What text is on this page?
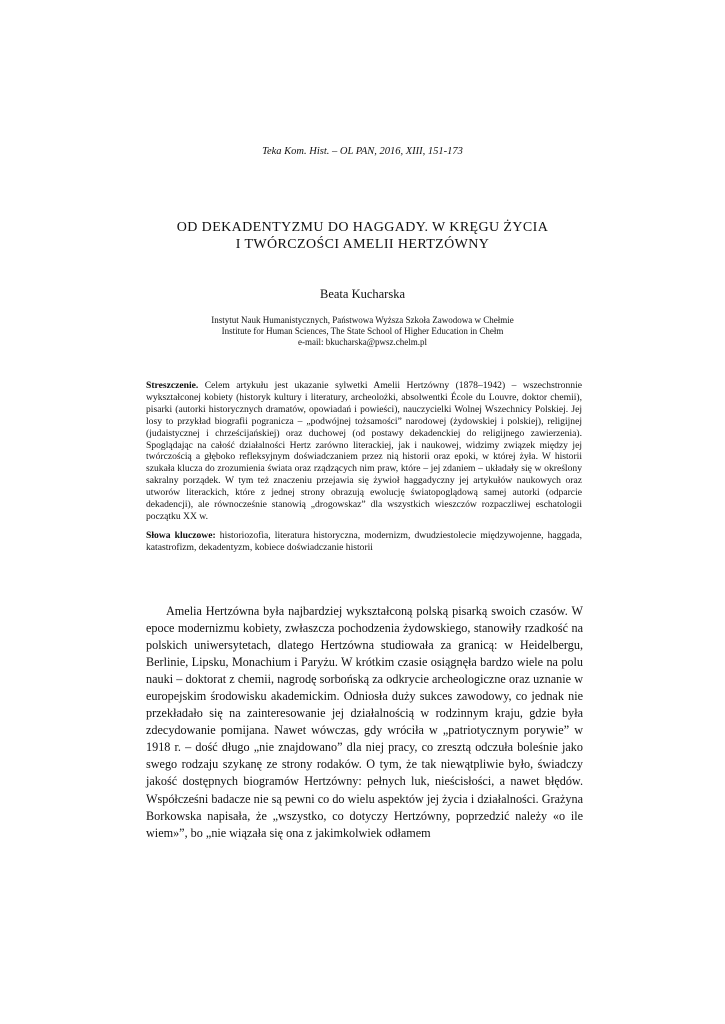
Teka Kom. Hist. – OL PAN, 2016, XIII, 151-173
OD DEKADENTYZMU DO HAGGADY. W KRĘGU ŻYCIA
I TWÓRCZOŚCI AMELII HERTZÓWNY
Beata Kucharska
Instytut Nauk Humanistycznych, Państwowa Wyższa Szkoła Zawodowa w Chełmie
Institute for Human Sciences, The State School of Higher Education in Chełm
e-mail: bkucharska@pwsz.chelm.pl

Streszczenie. Celem artykułu jest ukazanie sylwetki Amelii Hertzówny (1878–1942) – wszechstronnie wykształconej kobiety (historyk kultury i literatury, archeolożki, absolwentki École du Louvre, doktor chemii), pisarki (autorki historycznych dramatów, opowiadań i powieści), nauczycielki Wolnej Wszechnicy Polskiej. Jej losy to przykład biografii pogranicza – „podwójnej tożsamości” narodowej (żydowskiej i polskiej), religijnej (judaistycznej i chrześcijańskiej) oraz duchowej (od postawy dekadenckiej do religijnego zawierzenia). Spoglądając na całość działalności Hertz zarówno literackiej, jak i naukowej, widzimy związek między jej twórczością a głęboko refleksyjnym doświadczaniem przez nią historii oraz epoki, w której żyła. W historii szukała klucza do zrozumienia świata oraz rządzących nim praw, które – jej zdaniem – układały się w określony sakralny porządek. W tym też znaczeniu przejawia się żywioł haggadyczny jej artykułów naukowych oraz utworów literackich, które z jednej strony obrazują ewolucję światopoglądową samej autorki (odparcie dekadencji), ale równocześnie stanowią „drogowskaz” dla wszystkich wieszczów rozpaczliwej eschatologii początku XX w.

Słowa kluczowe: historiozofia, literatura historyczna, modernizm, dwudziestolecie międzywojenne, haggada, katastrofizm, dekadentyzm, kobiece doświadczanie historii

Amelia Hertzówna była najbardziej wykształconą polską pisarką swoich czasów. W epoce modernizmu kobiety, zwłaszcza pochodzenia żydowskiego, stanowiły rzadkość na polskich uniwersytetach, dlatego Hertzówna studiowała za granicą: w Heidelbergu, Berlinie, Lipsku, Monachium i Paryżu. W krótkim czasie osiągnęła bardzo wiele na polu nauki – doktorat z chemii, nagrodę sorbońską za odkrycie archeologiczne oraz uznanie w europejskim środowisku akademickim. Odniosła duży sukces zawodowy, co jednak nie przekładało się na zainteresowanie jej działalnością w rodzinnym kraju, gdzie była zdecydowanie pomijana. Nawet wówczas, gdy wróciła w „patriotycznym porywie” w 1918 r. – dość długo „nie znajdowano” dla niej pracy, co zresztą odczuła boleśnie jako swego rodzaju szykanę ze strony rodaków. O tym, że tak niewątpliwie było, świadczy jakość dostępnych biogramów Hertzówny: pełnych luk, nieścisłości, a nawet błędów. Współcześni badacze nie są pewni co do wielu aspektów jej życia i działalności. Grażyna Borkowska napisała, że „wszystko, co dotyczy Hertzówny, poprzedzić należy «o ile wiem»”, bo „nie wiązała się ona z jakimkolwiek odłamem
